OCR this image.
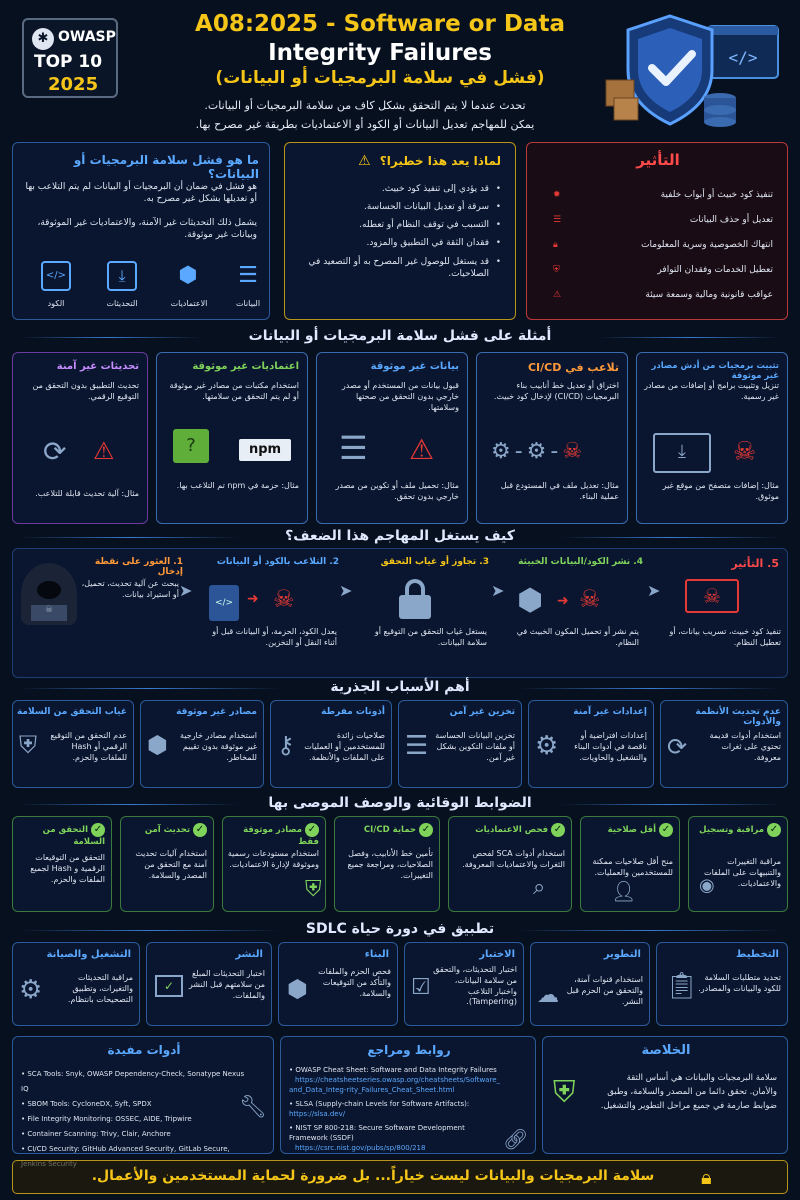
✱ OWASP
TOP 10
2025
A08:2025 - Software or Data
Integrity Failures
(فشل في سلامة البرمجيات أو البيانات)
تحدث عندما لا يتم التحقق بشكل كاف من سلامة البرمجيات أو البيانات.
يمكن للمهاجم تعديل البيانات أو الكود أو الاعتماديات بطريقة غير مصرح بها.
</>
ما هو فشل سلامة البرمجيات أو البيانات؟
هو فشل في ضمان أن البرمجيات أو البيانات لم يتم التلاعب بها أو تعديلها بشكل غير مصرح به.
يشمل ذلك التحديثات غير الآمنة، والاعتماديات غير الموثوقة، وبيانات غير موثوقة.
</>	⤓	⬢ ☰
الكود	التحديثات	الاعتماديات	البيانات
لماذا يعد هذا خطيرا؟  ⚠
• قد يؤدي إلى تنفيذ كود خبيث.
• سرقة أو تعديل البيانات الحساسة.
• التسبب في توقف النظام أو تعطله.
• فقدان الثقة في التطبيق والمزود.
• قد يستغل للوصول غير المصرح به أو التصعيد في الصلاحيات.
التأثير
تنفيذ كود خبيث أو أبواب خلفية
✹
تعديل أو حذف البيانات
☰
انتهاك الخصوصية وسرية المعلومات
🔒︎
تعطيل الخدمات وفقدان التوافر
⛨
عواقب قانونية ومالية وسمعة سيئة
⚠
أمثلة على فشل سلامة البرمجيات أو البيانات
تثبيت برمجيات من أدش مصادر غير موثوقة
تنزيل وتثبيت برامج أو إضافات من مصادر غير رسمية.
⤓	☠
مثال: إضافات متصفح من موقع غير موثوق.
تلاعب في CI/CD
اختراق أو تعديل خط أنابيب بناء البرمجيات (CI/CD) لإدخال كود خبيث.
⚙-⚙-☠
مثال: تعديل ملف في المستودع قبل عملية البناء.
بيانات غير موثوقة
قبول بيانات من المستخدم أو مصدر خارجي بدون التحقق من صحتها وسلامتها.
☰ ⚠
مثال: تحميل ملف أو تكوين من مصدر خارجي بدون تحقق.
اعتماديات غير موثوقة
استخدام مكتبات من مصادر غير موثوقة أو لم يتم التحقق من سلامتها.
?	npm
مثال: حزمة في npm تم التلاعب بها.
تحديثات غير آمنة
تحديث التطبيق بدون التحقق من التوقيع الرقمي.
⟳ ⚠
مثال: آلية تحديث قابلة للتلاعب.
كيف يستغل المهاجم هذا الضعف؟
☠
1. العثور على نقطة إدخال
يبحث عن آلية تحديث، تحميل، أو استيراد بيانات. ➤
2. التلاعب بالكود أو البيانات
</> ➜ ☠
يعدل الكود، الحزمة، أو البيانات قبل أو أثناء النقل أو التخزين.
➤
3. تجاوز أو غياب التحقق
يستغل غياب التحقق من التوقيع أو سلامة البيانات.
➤
4. نشر الكود/البيانات الخبيثة
⬢ ➜ ☠
يتم نشر أو تحميل المكون الخبيث في النظام.
➤
5. التأثير
☠
تنفيذ كود خبيث، تسريب بيانات، أو تعطيل النظام.
أهم الأسباب الجذرية
عدم تحديث الأنظمة والأدوات
⟳	استخدام أدوات قديمة تحتوي على ثغرات معروفة.
إعدادات غير آمنة
⚙	إعدادات افتراضية أو ناقصة في أدوات البناء والتشغيل والحاويات.
تخزين غير آمن
☰ تخزين البيانات الحساسة أو ملفات التكوين بشكل غير آمن.
أذونات مفرطة
⚷	صلاحيات زائدة للمستخدمين أو العمليات على الملفات والأنظمة.
مصادر غير موثوقة
⬢	استخدام مصادر خارجية غير موثوقة بدون تقييم للمخاطر.
غياب التحقق من السلامة
⛨	عدم التحقق من التوقيع الرقمي أو Hash للملفات والحزم.
الضوابط الوقائية والوصف الموصى بها
✓ مراقبة وتسجيل
مراقبة التغييرات والتنبيهات على الملفات والاعتماديات.
◉
✓ أقل صلاحية
منح أقل صلاحيات ممكنة للمستخدمين والعمليات.
👤︎
✓ فحص الاعتماديات
استخدام أدوات SCA لفحص الثغرات والاعتماديات المعروفة.
⌕
✓ حماية CI/CD
تأمين خط الأنابيب، وفصل الصلاحيات، ومراجعة جميع التغييرات.
✓ مصادر موثوقة فقط
استخدام مستودعات رسمية وموثوقة لإدارة الاعتماديات.
⛨
✓ تحديث آمن
استخدام آليات تحديث آمنة مع التحقق من المصدر والسلامة.
✓ التحقق من السلامة
التحقق من التوقيعات الرقمية و Hash لجميع الملفات والحزم.
تطبيق في دورة حياة SDLC
التخطيط
📋︎ تحديد متطلبات السلامة للكود والبيانات والمصادر.
التطوير
☁
استخدام قنوات آمنة، والتحقق من الحزم قبل النشر.
الاختبار
☑
اختبار التحديثات، والتحقق من سلامة البيانات، واختبار التلاعب (Tampering).
البناء
⬢
فحص الحزم والملفات والتأكد من التوقيعات والسلامة.
النشر
✓
اختبار التحديثات المبلغ من سلامتهم قبل النشر والملفات.
التشغيل والصيانة
⚙	مراقبة التحديثات والتغيرات، وتطبيق التصحيحات بانتظام.
أدوات مفيدة
• SCA Tools: Snyk, OWASP Dependency-Check, Sonatype Nexus IQ
• SBOM Tools: CycloneDX, Syft, SPDX
• File Integrity Monitoring: OSSEC, AIDE, Tripwire
• Container Scanning: Trivy, Clair, Anchore
• CI/CD Security: GitHub Advanced Security, GitLab Secure,
🔧︎
روابط ومراجع
• OWASP Cheat Sheet: Software and Data Integrity Failures
https://cheatsheetseries.owasp.org/cheatsheets/Software_and_Data_Integ-rity_Failures_Cheat_Sheet.html
• SLSA (Supply-chain Levels for Software Artifacts): https://slsa.dev/
• NIST SP 800-218: Secure Software Development Framework (SSDF)
https://csrc.nist.gov/pubs/sp/800/218	🔗︎
الخلاصة
⛨	سلامة البرمجيات والبيانات هي أساس الثقة والأمان. تحقق دائما من المصدر والسلامة، وطبق ضوابط صارمة في جميع مراحل التطوير والتشغيل.
🔒︎
سلامة البرمجيات والبيانات ليست خياراً... بل ضرورة لحماية المستخدمين والأعمال.
